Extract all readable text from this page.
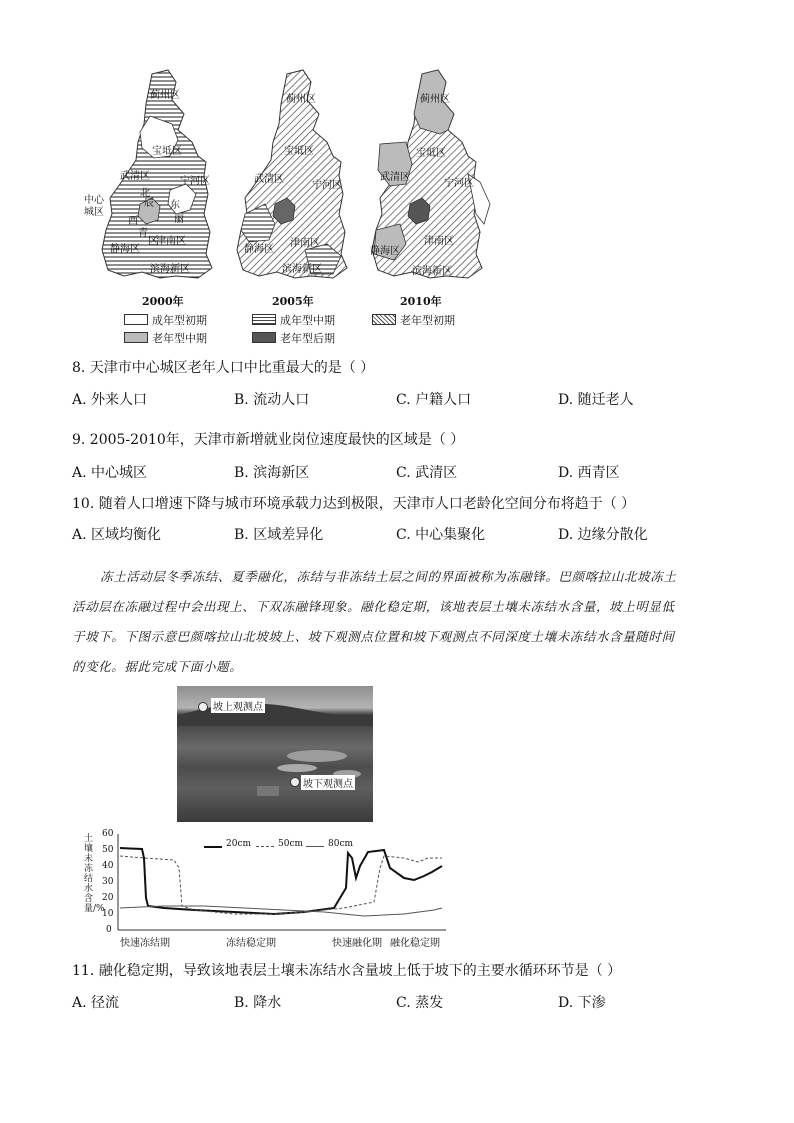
蓟州区
宝坻区
武清区	宁河区
中心城区
北
辰 东
丽
西
青
区
津南区
静海区
滨海新区
蓟州区
宝坻区
武清区
宁河区
津南区
静海区
滨海新区
蓟州区
宝坻区
武清区
宁河区
津南区
静海区
滨海新区
2000年	2005年	2010年
成年型初期	成年型中期	老年型初期
老年型中期	老年型后期
8. 天津市中心城区老年人口中比重最大的是（ ）
A. 外来人口	B. 流动人口	C. 户籍人口	D. 随迁老人
9. 2005-2010年，天津市新增就业岗位速度最快的区域是（ ）
A. 中心城区	B. 滨海新区	C. 武清区	D. 西青区
10. 随着人口增速下降与城市环境承载力达到极限，天津市人口老龄化空间分布将趋于（ ）
A. 区域均衡化	B. 区域差异化	C. 中心集聚化	D. 边缘分散化
冻土活动层冬季冻结、夏季融化，冻结与非冻结土层之间的界面被称为冻融锋。巴颜喀拉山北坡冻土
活动层在冻融过程中会出现上、下双冻融锋现象。融化稳定期，该地表层土壤未冻结水含量，坡上明显低
于坡下。下图示意巴颜喀拉山北坡坡上、坡下观测点位置和坡下观测点不同深度土壤未冻结水含量随时间
的变化。据此完成下面小题。
坡上观测点
坡下观测点
土壤未冻结水含量/%
0
10
20
30
40
50
60
20cm	50cm	80cm
快速冻结期	冻结稳定期	快速融化期 融化稳定期
11. 融化稳定期，导致该地表层土壤未冻结水含量坡上低于坡下的主要水循环环节是（ ）
A. 径流	B. 降水	C. 蒸发	D. 下渗
